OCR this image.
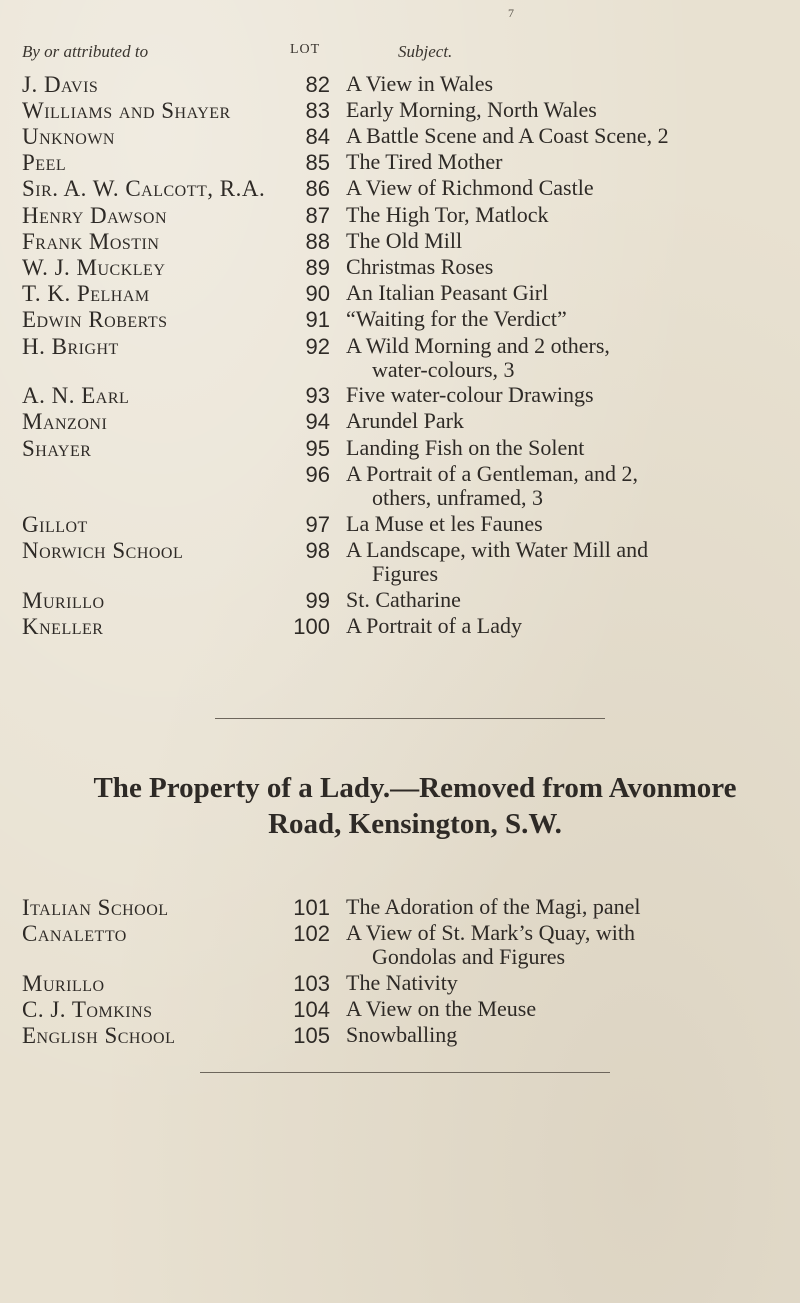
7
By or attributed to	LOT	Subject.
J. Davis	82 A View in Wales
Williams and Shayer	83 Early Morning, North Wales
Unknown	84 A Battle Scene and A Coast Scene, 2
Peel	85 The Tired Mother
Sir. A. W. Calcott, R.A.	86 A View of Richmond Castle
Henry Dawson	87 The High Tor, Matlock
Frank Mostin	88 The Old Mill
W. J. Muckley	89 Christmas Roses
T. K. Pelham	90 An Italian Peasant Girl
Edwin Roberts	91 “Waiting for the Verdict”
H. Bright	92 A Wild Morning and 2 others,
water-colours, 3
A. N. Earl	93 Five water-colour Drawings
Manzoni	94 Arundel Park
Shayer	95 Landing Fish on the Solent
96 A Portrait of a Gentleman, and 2,
others, unframed, 3
Gillot	97 La Muse et les Faunes
Norwich School	98 A Landscape, with Water Mill and
Figures
Murillo	99 St. Catharine
Kneller	100 A Portrait of a Lady
The Property of a Lady.—Removed from Avonmore Road, Kensington, S.W.
Italian School	101 The Adoration of the Magi, panel
Canaletto	102 A View of St. Mark’s Quay, with
Gondolas and Figures
Murillo	103 The Nativity
C. J. Tomkins	104 A View on the Meuse
English School	105 Snowballing
